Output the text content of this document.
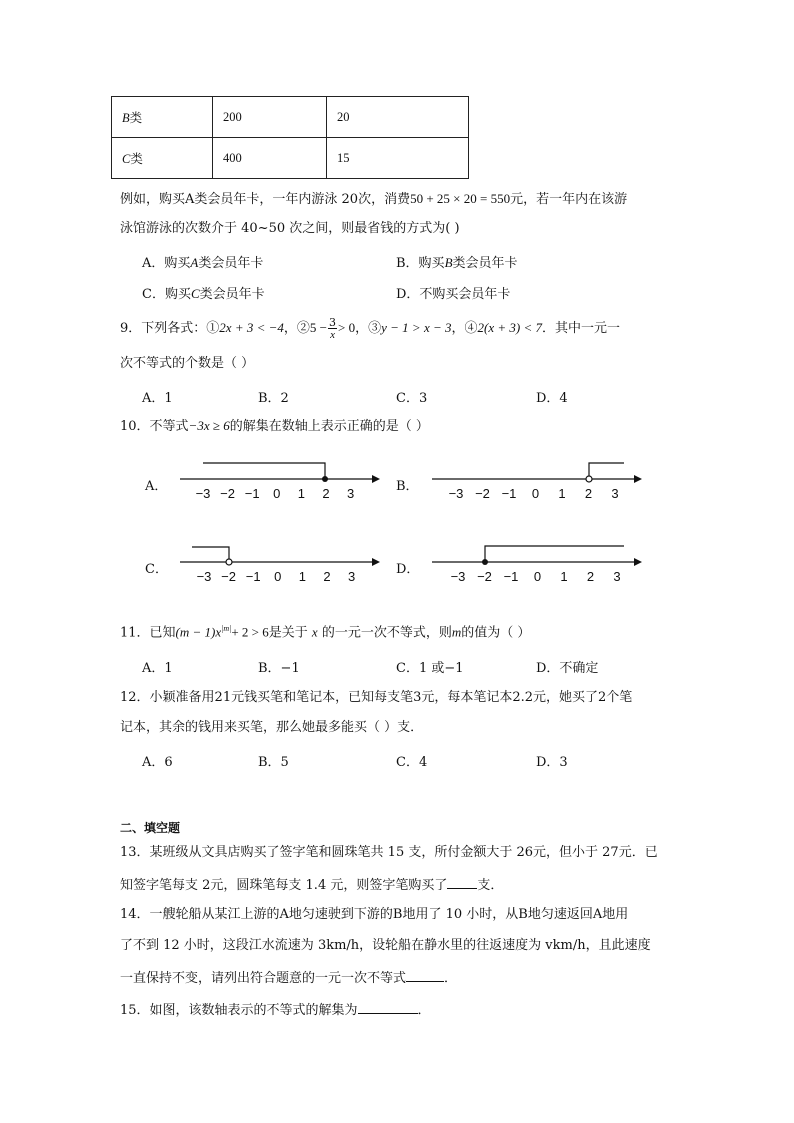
B类	200	20
C类	400	15
例如，购买A类会员年卡，一年内游泳 20次，消费50 + 25 × 20 = 550元，若一年内在该游
泳馆游泳的次数介于 40~50 次之间，则最省钱的方式为( )
A．购买A类会员年卡	B．购买B类会员年卡
C．购买C类会员年卡	D．不购买会员年卡
9．下列各式：①2x + 3 < −4，②5 − $\frac{3}{x}> 0$，③y − 1 > x − 3，④2(x + 3) < 7．其中一元一
次不等式的个数是（ ）
A．1	B．2	C．3	D．4
10．不等式−3x ≥ 6的解集在数轴上表示正确的是（ ）
A．	B．
C．	D．
−3 −2 −1 0 1 2 3	−3 −2 −1 0 1 2 3
−3 −2 −1 0 1 2 3	−3 −2 −1 0 1 2 3
11．已知$(m - 1)x^{|m|}+ 2 > 6$是关于 x 的一元一次不等式，则m的值为（ ）
A．1	B．−1	C．1 或−1	D．不确定
12．小颖准备用21元钱买笔和笔记本，已知每支笔3元，每本笔记本2.2元，她买了2个笔
记本，其余的钱用来买笔，那么她最多能买（ ）支．
A．6	B．5	C．4	D．3
二、填空题
13．某班级从文具店购买了签字笔和圆珠笔共 15 支，所付金额大于 26元，但小于 27元．已
知签字笔每支 2元，圆珠笔每支 1.4 元，则签字笔购买了 支．
14．一艘轮船从某江上游的A地匀速驶到下游的B地用了 10 小时，从B地匀速返回A地用
了不到 12 小时，这段江水流速为 3km/h，设轮船在静水里的往返速度为 vkm/h，且此速度
一直保持不变，请列出符合题意的一元一次不等式	．
15．如图，该数轴表示的不等式的解集为	．
